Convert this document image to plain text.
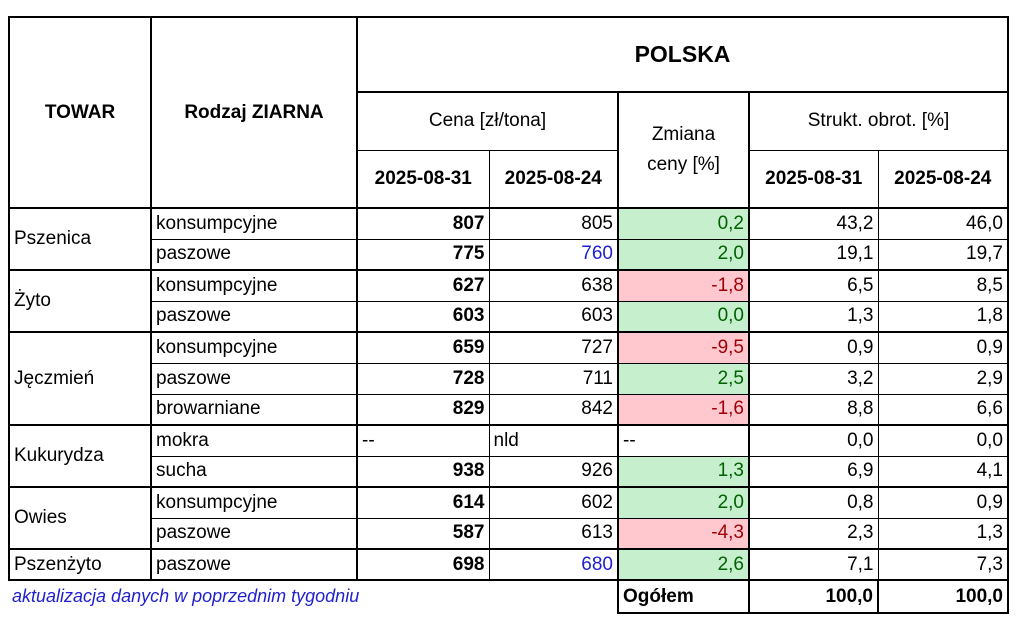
TOWAR	Rodzaj ZIARNA	POLSKA				
		Cena [zł/tona]		Zmiana ceny [%]	Strukt. obrot. [%]	
		2025-08-31	2025-08-24		2025-08-31	2025-08-24
Pszenica	konsumpcyjne	807	805	0,2	43,2	46,0
	paszowe	775	760	2,0	19,1	19,7
Żyto	konsumpcyjne	627	638	-1,8	6,5	8,5
	paszowe	603	603	0,0	1,3	1,8
Jęczmień	konsumpcyjne	659	727	-9,5	0,9	0,9
	paszowe	728	711	2,5	3,2	2,9
	browarniane	829	842	-1,6	8,8	6,6
Kukurydza	mokra	--	nld	--	0,0	0,0
	sucha	938	926	1,3	6,9	4,1
Owies	konsumpcyjne	614	602	2,0	0,8	0,9
	paszowe	587	613	-4,3	2,3	1,3
Pszenżyto	paszowe	698	680	2,6	7,1	7,3
				Ogółem	100,0	100,0
aktualizacja danych w poprzednim tygodniu
